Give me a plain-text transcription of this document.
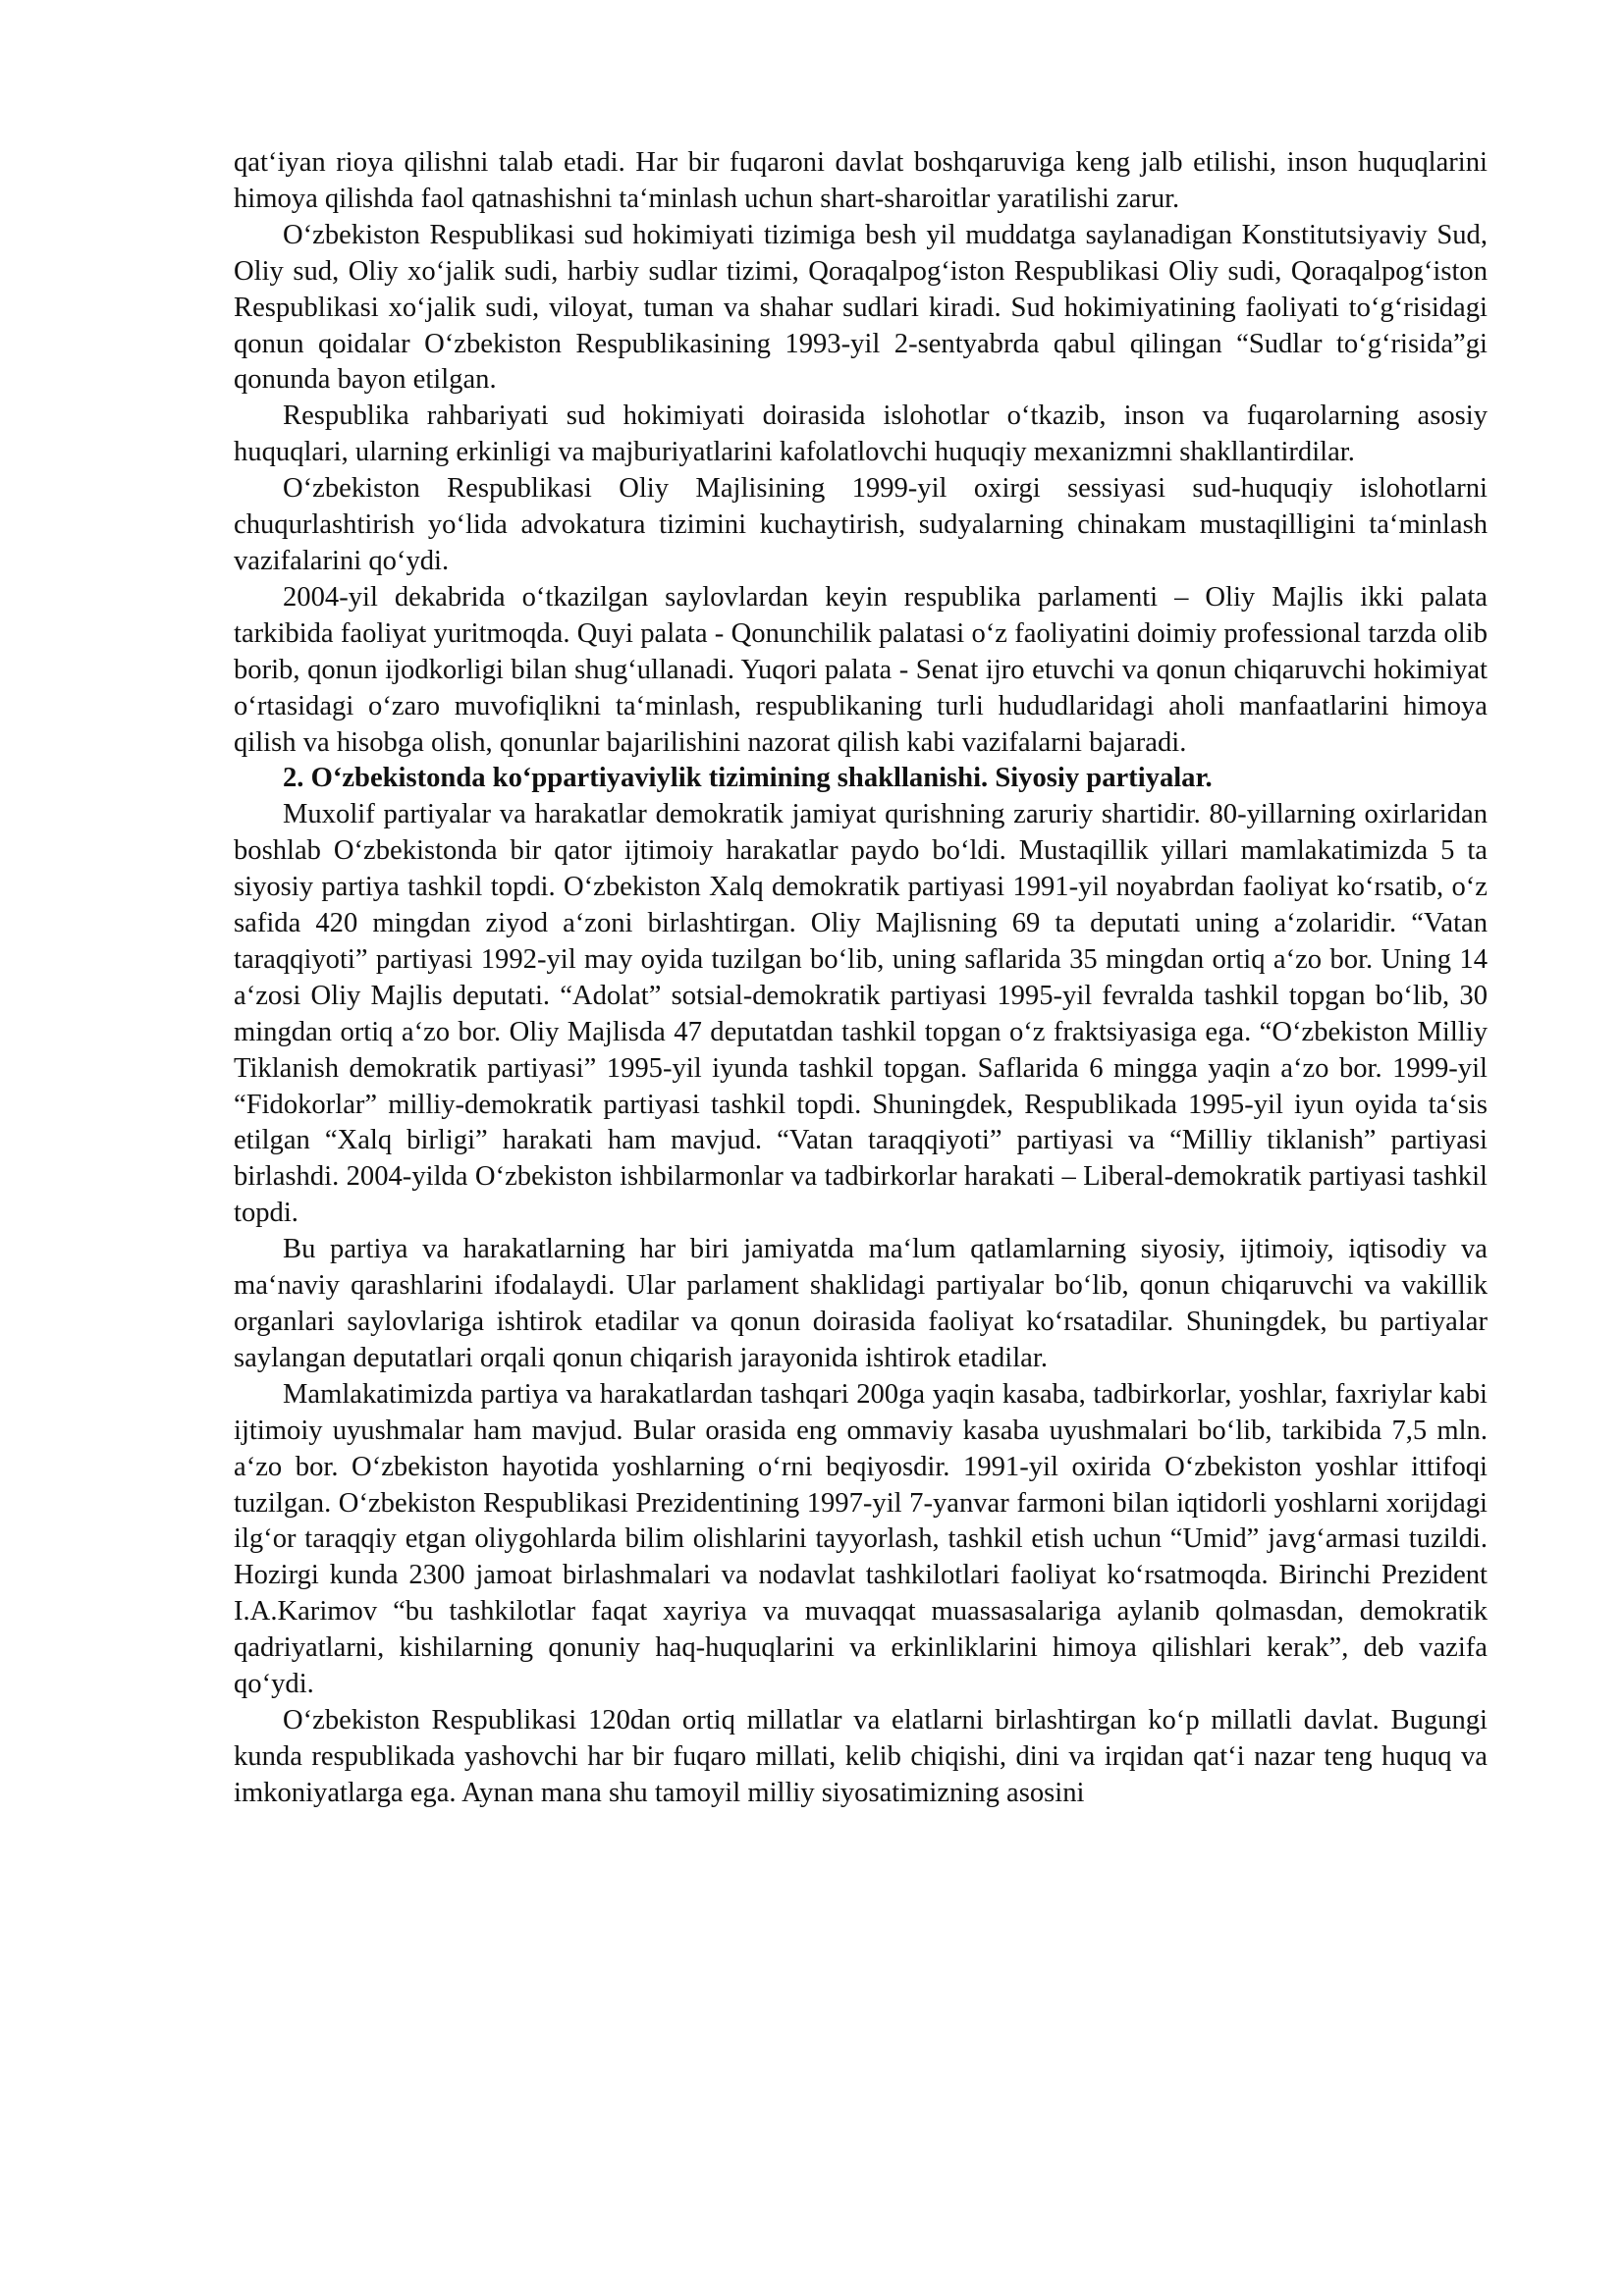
qat‘iyan rioya qilishni talab etadi. Har bir fuqaroni davlat boshqaruviga keng jalb etilishi, inson huquqlarini himoya qilishda faol qatnashishni ta‘minlash uchun shart-sharoitlar yaratilishi zarur.

O‘zbekiston Respublikasi sud hokimiyati tizimiga besh yil muddatga saylanadigan Konstitutsiyaviy Sud, Oliy sud, Oliy xo‘jalik sudi, harbiy sudlar tizimi, Qoraqalpog‘iston Respublikasi Oliy sudi, Qoraqalpog‘iston Respublikasi xo‘jalik sudi, viloyat, tuman va shahar sudlari kiradi. Sud hokimiyatining faoliyati to‘g‘risidagi qonun qoidalar O‘zbekiston Respublikasining 1993-yil 2-sentyabrda qabul qilingan “Sudlar to‘g‘risida”gi qonunda bayon etilgan.

Respublika rahbariyati sud hokimiyati doirasida islohotlar o‘tkazib, inson va fuqarolarning asosiy huquqlari, ularning erkinligi va majburiyatlarini kafolatlovchi huquqiy mexanizmni shakllantirdilar.

O‘zbekiston Respublikasi Oliy Majlisining 1999-yil oxirgi sessiyasi sud-huquqiy islohotlarni chuqurlashtirish yo‘lida advokatura tizimini kuchaytirish, sudyalarning chinakam mustaqilligini ta‘minlash vazifalarini qo‘ydi.

2004-yil dekabrida o‘tkazilgan saylovlardan keyin respublika parlamenti – Oliy Majlis ikki palata tarkibida faoliyat yuritmoqda. Quyi palata - Qonunchilik palatasi o‘z faoliyatini doimiy professional tarzda olib borib, qonun ijodkorligi bilan shug‘ullanadi. Yuqori palata - Senat ijro etuvchi va qonun chiqaruvchi hokimiyat o‘rtasidagi o‘zaro muvofiqlikni ta‘minlash, respublikaning turli hududlaridagi aholi manfaatlarini himoya qilish va hisobga olish, qonunlar bajarilishini nazorat qilish kabi vazifalarni bajaradi.

2. O‘zbekistonda ko‘ppartiyaviylik tizimining shakllanishi. Siyosiy partiyalar.

Muxolif partiyalar va harakatlar demokratik jamiyat qurishning zaruriy shartidir. 80-yillarning oxirlaridan boshlab O‘zbekistonda bir qator ijtimoiy harakatlar paydo bo‘ldi. Mustaqillik yillari mamlakatimizda 5 ta siyosiy partiya tashkil topdi. O‘zbekiston Xalq demokratik partiyasi 1991-yil noyabrdan faoliyat ko‘rsatib, o‘z safida 420 mingdan ziyod a‘zoni birlashtirgan. Oliy Majlisning 69 ta deputati uning a‘zolaridir. “Vatan taraqqiyoti” partiyasi 1992-yil may oyida tuzilgan bo‘lib, uning saflarida 35 mingdan ortiq a‘zo bor. Uning 14 a‘zosi Oliy Majlis deputati. “Adolat” sotsial-demokratik partiyasi 1995-yil fevralda tashkil topgan bo‘lib, 30 mingdan ortiq a‘zo bor. Oliy Majlisda 47 deputatdan tashkil topgan o‘z fraktsiyasiga ega. “O‘zbekiston Milliy Tiklanish demokratik partiyasi” 1995-yil iyunda tashkil topgan. Saflarida 6 mingga yaqin a‘zo bor. 1999-yil “Fidokorlar” milliy-demokratik partiyasi tashkil topdi. Shuningdek, Respublikada 1995-yil iyun oyida ta‘sis etilgan “Xalq birligi” harakati ham mavjud. “Vatan taraqqiyoti” partiyasi va “Milliy tiklanish” partiyasi birlashdi. 2004-yilda O‘zbekiston ishbilarmonlar va tadbirkorlar harakati – Liberal-demokratik partiyasi tashkil topdi.

Bu partiya va harakatlarning har biri jamiyatda ma‘lum qatlamlarning siyosiy, ijtimoiy, iqtisodiy va ma‘naviy qarashlarini ifodalaydi. Ular parlament shaklidagi partiyalar bo‘lib, qonun chiqaruvchi va vakillik organlari saylovlariga ishtirok etadilar va qonun doirasida faoliyat ko‘rsatadilar. Shuningdek, bu partiyalar saylangan deputatlari orqali qonun chiqarish jarayonida ishtirok etadilar.

Mamlakatimizda partiya va harakatlardan tashqari 200ga yaqin kasaba, tadbirkorlar, yoshlar, faxriylar kabi ijtimoiy uyushmalar ham mavjud. Bular orasida eng ommaviy kasaba uyushmalari bo‘lib, tarkibida 7,5 mln. a‘zo bor. O‘zbekiston hayotida yoshlarning o‘rni beqiyosdir. 1991-yil oxirida O‘zbekiston yoshlar ittifoqi tuzilgan. O‘zbekiston Respublikasi Prezidentining 1997-yil 7-yanvar farmoni bilan iqtidorli yoshlarni xorijdagi ilg‘or taraqqiy etgan oliygohlarda bilim olishlarini tayyorlash, tashkil etish uchun “Umid” javg‘armasi tuzildi. Hozirgi kunda 2300 jamoat birlashmalari va nodavlat tashkilotlari faoliyat ko‘rsatmoqda. Birinchi Prezident I.A.Karimov “bu tashkilotlar faqat xayriya va muvaqqat muassasalariga aylanib qolmasdan, demokratik qadriyatlarni, kishilarning qonuniy haq-huquqlarini va erkinliklarini himoya qilishlari kerak”, deb vazifa qo‘ydi.

O‘zbekiston Respublikasi 120dan ortiq millatlar va elatlarni birlashtirgan ko‘p millatli davlat. Bugungi kunda respublikada yashovchi har bir fuqaro millati, kelib chiqishi, dini va irqidan qat‘i nazar teng huquq va imkoniyatlarga ega. Aynan mana shu tamoyil milliy siyosatimizning asosini
